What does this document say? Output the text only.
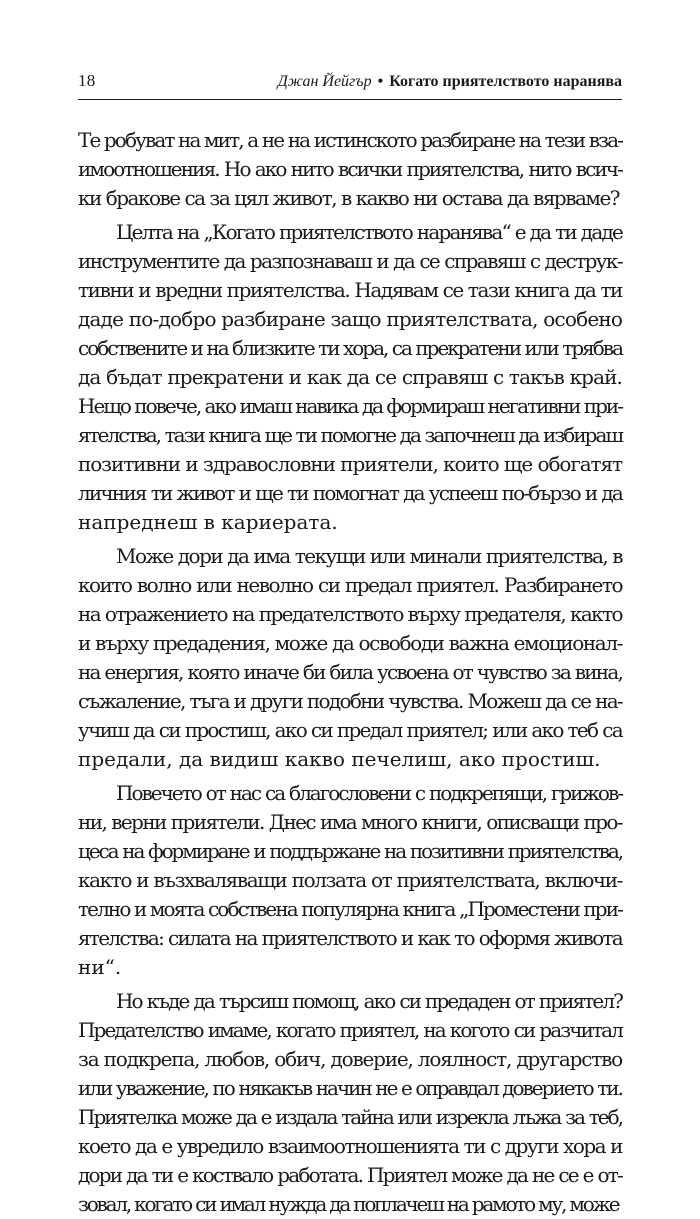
18	Джан Йейгър • Когато приятелството наранява

Те робуват на мит, а не на истинското разбиране на тези вза-
имоотношения. Но ако нито всички приятелства, нито всич-
ки бракове са за цял живот, в какво ни остава да вярваме?

Целта на „Когато приятелството наранява“ е да ти даде
инструментите да разпознаваш и да се справяш с деструк-
тивни и вредни приятелства. Надявам се тази книга да ти
даде по-добро разбиране защо приятелствата, особено
собствените и на близките ти хора, са прекратени или трябва
да бъдат прекратени и как да се справяш с такъв край.
Нещо повече, ако имаш навика да формираш негативни при-
ятелства, тази книга ще ти помогне да започнеш да избираш
позитивни и здравословни приятели, които ще обогатят
личния ти живот и ще ти помогнат да успееш по-бързо и да
напреднеш в кариерата.

Може дори да има текущи или минали приятелства, в
които волно или неволно си предал приятел. Разбирането
на отражението на предателството върху предателя, както
и върху предадения, може да освободи важна емоционал-
на енергия, която иначе би била усвоена от чувство за вина,
съжаление, тъга и други подобни чувства. Можеш да се на-
учиш да си простиш, ако си предал приятел; или ако теб са
предали, да видиш какво печелиш, ако простиш.

Повечето от нас са благословени с подкрепящи, грижов-
ни, верни приятели. Днес има много книги, описващи про-
цеса на формиране и поддържане на позитивни приятелства,
както и възхваляващи ползата от приятелствата, включи-
телно и моята собствена популярна книга „Проместени при-
ятелства: силата на приятелството и как то оформя живота
ни“.

Но къде да търсиш помощ, ако си предаден от приятел?
Предателство имаме, когато приятел, на когото си разчитал
за подкрепа, любов, обич, доверие, лоялност, другарство
или уважение, по някакъв начин не е оправдал доверието ти.
Приятелка може да е издала тайна или изрекла лъжа за теб,
което да е увредило взаимоотношенията ти с други хора и
дори да ти е коствало работата. Приятел може да не се е от-
зовал, когато си имал нужда да поплачеш на рамото му, може
